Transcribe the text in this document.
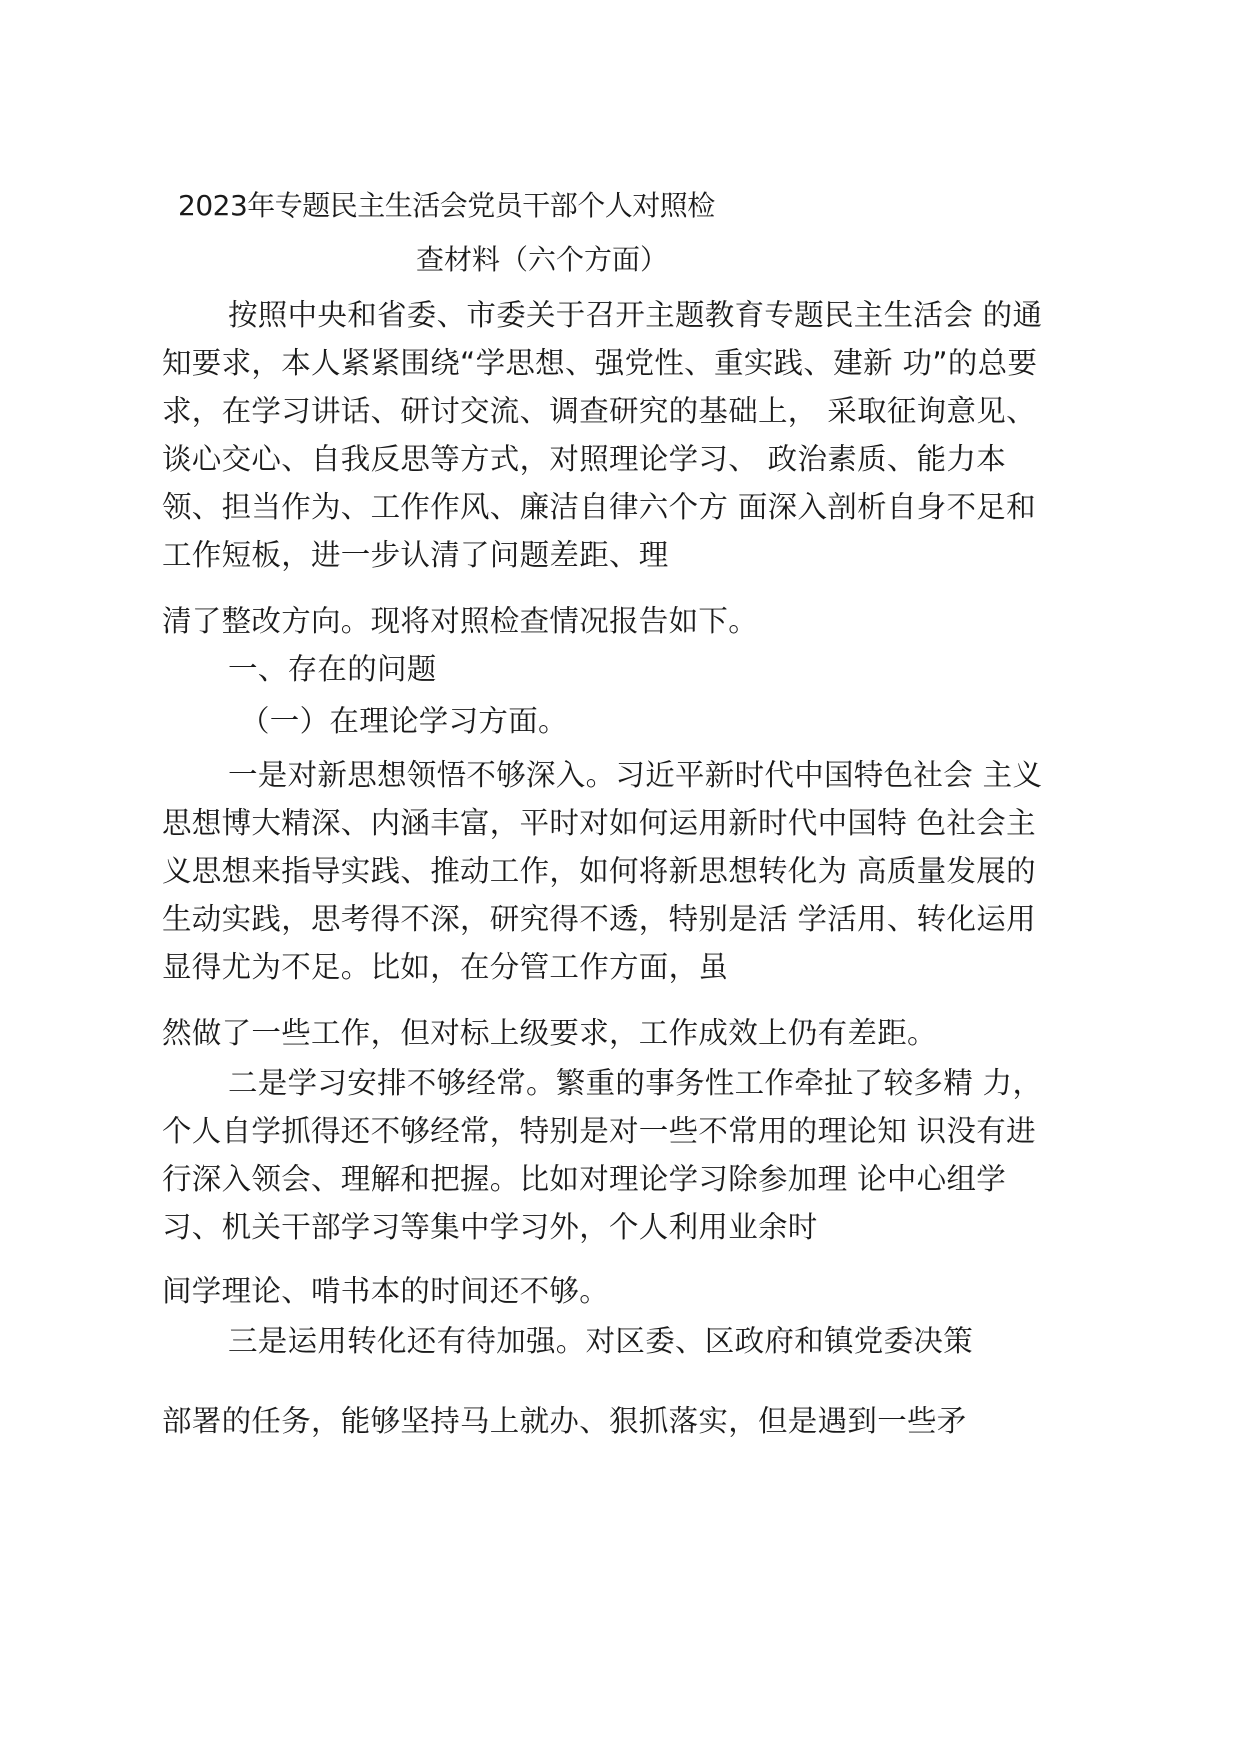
2023年专题民主生活会党员干部个人对照检
查材料（六个方面）
按照中央和省委、市委关于召开主题教育专题民主生活会 的通
知要求，本人紧紧围绕“学思想、强党性、重实践、建新 功”的总要
求，在学习讲话、研讨交流、调查研究的基础上， 采取征询意见、
谈心交心、自我反思等方式，对照理论学习、 政治素质、能力本
领、担当作为、工作作风、廉洁自律六个方 面深入剖析自身不足和
工作短板，进一步认清了问题差距、理
清了整改方向。现将对照检查情况报告如下。
一、存在的问题
（一）在理论学习方面。
一是对新思想领悟不够深入。习近平新时代中国特色社会 主义
思想博大精深、内涵丰富，平时对如何运用新时代中国特 色社会主
义思想来指导实践、推动工作，如何将新思想转化为 高质量发展的
生动实践，思考得不深，研究得不透，特别是活 学活用、转化运用
显得尤为不足。比如，在分管工作方面，虽
然做了一些工作，但对标上级要求，工作成效上仍有差距。
二是学习安排不够经常。繁重的事务性工作牵扯了较多精 力，
个人自学抓得还不够经常，特别是对一些不常用的理论知 识没有进
行深入领会、理解和把握。比如对理论学习除参加理 论中心组学
习、机关干部学习等集中学习外，个人利用业余时
间学理论、啃书本的时间还不够。
三是运用转化还有待加强。对区委、区政府和镇党委决策
部署的任务，能够坚持马上就办、狠抓落实，但是遇到一些矛
